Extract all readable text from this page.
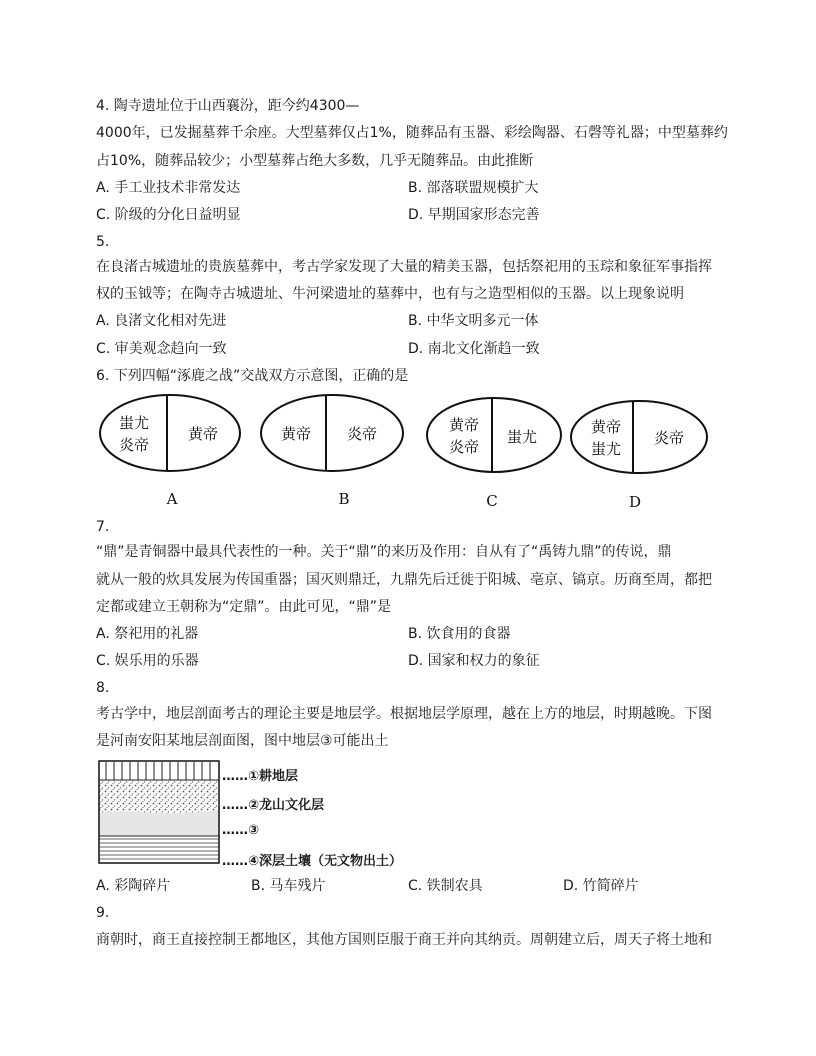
4. 陶寺遗址位于山西襄汾，距今约4300—
4000年，已发掘墓葬千余座。大型墓葬仅占1%，随葬品有玉器、彩绘陶器、石磬等礼器；中型墓葬约
占10%，随葬品较少；小型墓葬占绝大多数，几乎无随葬品。由此推断
A. 手工业技术非常发达	B. 部落联盟规模扩大
C. 阶级的分化日益明显	D. 早期国家形态完善
5.
在良渚古城遗址的贵族墓葬中，考古学家发现了大量的精美玉器，包括祭祀用的玉琮和象征军事指挥
权的玉钺等；在陶寺古城遗址、牛河梁遗址的墓葬中，也有与之造型相似的玉器。以上现象说明
A. 良渚文化相对先进	B. 中华文明多元一体
C. 审美观念趋向一致	D. 南北文化渐趋一致
6. 下列四幅“涿鹿之战”交战双方示意图，正确的是
蚩尤
炎帝
黄帝
A
黄帝 炎帝
B
黄帝
炎帝
蚩尤
C
黄帝
蚩尤
炎帝
D
7.
“鼎”是青铜器中最具代表性的一种。关于“鼎”的来历及作用：自从有了“禹铸九鼎”的传说，鼎
就从一般的炊具发展为传国重器；国灭则鼎迁，九鼎先后迁徙于阳城、亳京、镐京。历商至周，都把
定都或建立王朝称为“定鼎”。由此可见，“鼎”是
A. 祭祀用的礼器	B. 饮食用的食器
C. 娱乐用的乐器	D. 国家和权力的象征
8.
考古学中，地层剖面考古的理论主要是地层学。根据地层学原理，越在上方的地层，时期越晚。下图
是河南安阳某地层剖面图，图中地层③可能出土
……①耕地层
……②龙山文化层
……③
……④深层土壤（无文物出土）
A. 彩陶碎片	B. 马车残片	C. 铁制农具	D. 竹简碎片
9.
商朝时，商王直接控制王都地区，其他方国则臣服于商王并向其纳贡。周朝建立后，周天子将土地和
